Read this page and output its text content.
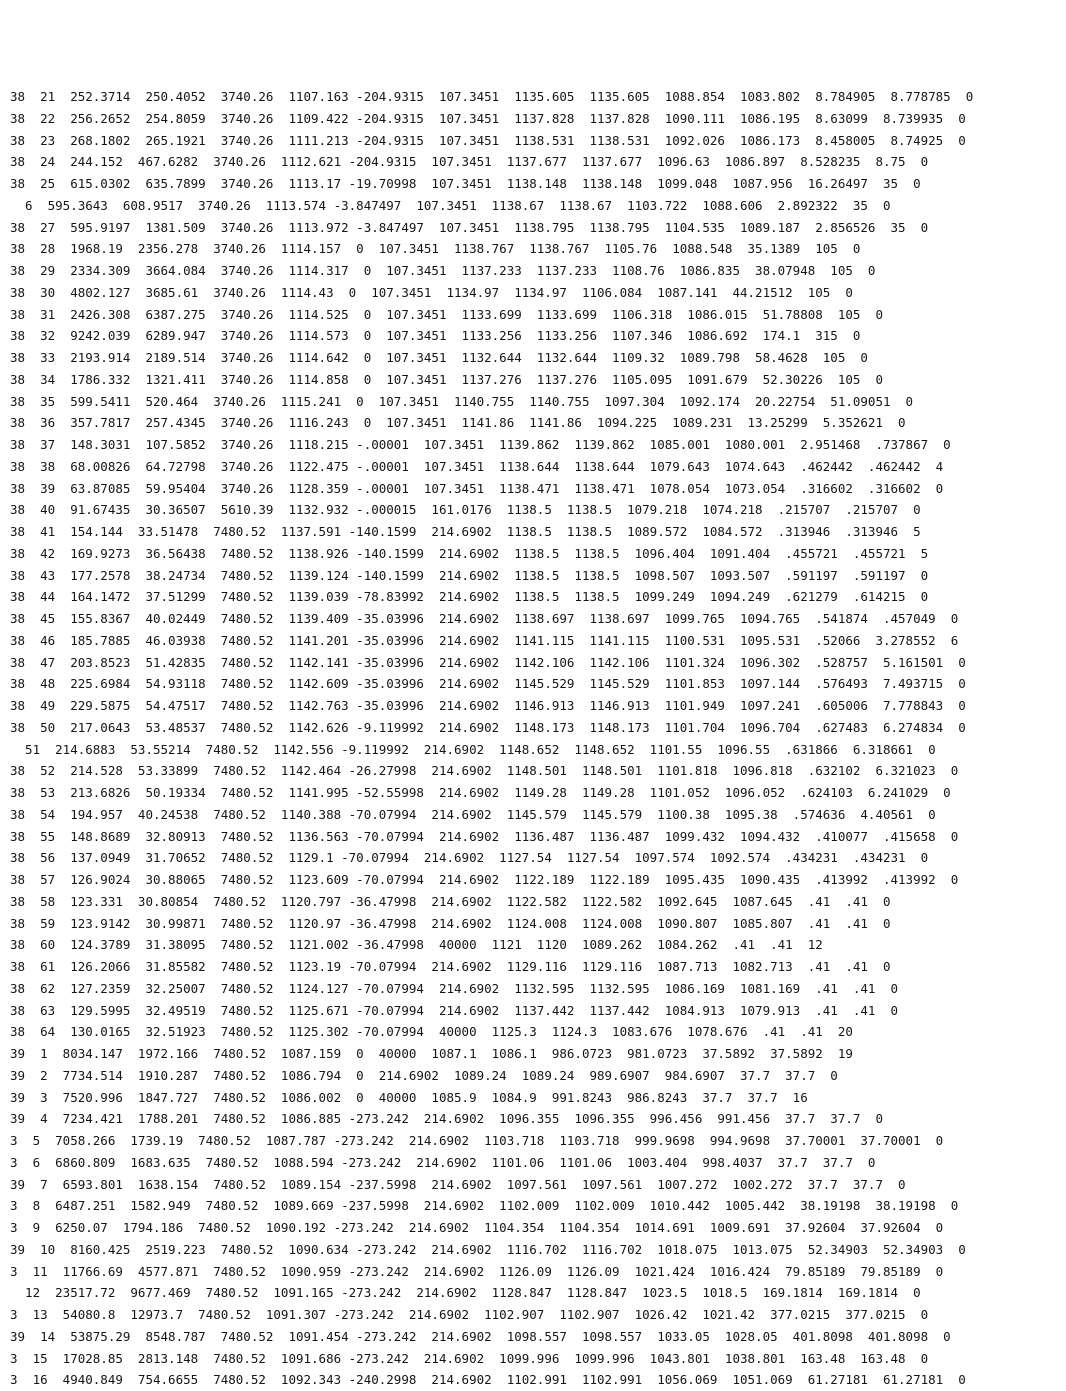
38  21  252.3714  250.4052  3740.26  1107.163 -204.9315  107.3451  1135.605  1135.605  1088.854  1083.802  8.784905  8.778785  0
38  22  256.2652  254.8059  3740.26  1109.422 -204.9315  107.3451  1137.828  1137.828  1090.111  1086.195  8.63099  8.739935  0
38  23  268.1802  265.1921  3740.26  1111.213 -204.9315  107.3451  1138.531  1138.531  1092.026  1086.173  8.458005  8.74925  0
38  24  244.152  467.6282  3740.26  1112.621 -204.9315  107.3451  1137.677  1137.677  1096.63  1086.897  8.528235  8.75  0
38  25  615.0302  635.7899  3740.26  1113.17 -19.70998  107.3451  1138.148  1138.148  1099.048  1087.956  16.26497  35  0
6  595.3643  608.9517  3740.26  1113.574 -3.847497  107.3451  1138.67  1138.67  1103.722  1088.606  2.892322  35  0
38  27  595.9197  1381.509  3740.26  1113.972 -3.847497  107.3451  1138.795  1138.795  1104.535  1089.187  2.856526  35  0
38  28  1968.19  2356.278  3740.26  1114.157  0  107.3451  1138.767  1138.767  1105.76  1088.548  35.1389  105  0
38  29  2334.309  3664.084  3740.26  1114.317  0  107.3451  1137.233  1137.233  1108.76  1086.835  38.07948  105  0
38  30  4802.127  3685.61  3740.26  1114.43  0  107.3451  1134.97  1134.97  1106.084  1087.141  44.21512  105  0
38  31  2426.308  6387.275  3740.26  1114.525  0  107.3451  1133.699  1133.699  1106.318  1086.015  51.78808  105  0
38  32  9242.039  6289.947  3740.26  1114.573  0  107.3451  1133.256  1133.256  1107.346  1086.692  174.1  315  0
38  33  2193.914  2189.514  3740.26  1114.642  0  107.3451  1132.644  1132.644  1109.32  1089.798  58.4628  105  0
38  34  1786.332  1321.411  3740.26  1114.858  0  107.3451  1137.276  1137.276  1105.095  1091.679  52.30226  105  0
38  35  599.5411  520.464  3740.26  1115.241  0  107.3451  1140.755  1140.755  1097.304  1092.174  20.22754  51.09051  0
38  36  357.7817  257.4345  3740.26  1116.243  0  107.3451  1141.86  1141.86  1094.225  1089.231  13.25299  5.352621  0
38  37  148.3031  107.5852  3740.26  1118.215 -.00001  107.3451  1139.862  1139.862  1085.001  1080.001  2.951468  .737867  0
38  38  68.00826  64.72798  3740.26  1122.475 -.00001  107.3451  1138.644  1138.644  1079.643  1074.643  .462442  .462442  4
38  39  63.87085  59.95404  3740.26  1128.359 -.00001  107.3451  1138.471  1138.471  1078.054  1073.054  .316602  .316602  0
38  40  91.67435  30.36507  5610.39  1132.932 -.000015  161.0176  1138.5  1138.5  1079.218  1074.218  .215707  .215707  0
38  41  154.144  33.51478  7480.52  1137.591 -140.1599  214.6902  1138.5  1138.5  1089.572  1084.572  .313946  .313946  5
38  42  169.9273  36.56438  7480.52  1138.926 -140.1599  214.6902  1138.5  1138.5  1096.404  1091.404  .455721  .455721  5
38  43  177.2578  38.24734  7480.52  1139.124 -140.1599  214.6902  1138.5  1138.5  1098.507  1093.507  .591197  .591197  0
38  44  164.1472  37.51299  7480.52  1139.039 -78.83992  214.6902  1138.5  1138.5  1099.249  1094.249  .621279  .614215  0
38  45  155.8367  40.02449  7480.52  1139.409 -35.03996  214.6902  1138.697  1138.697  1099.765  1094.765  .541874  .457049  0
38  46  185.7885  46.03938  7480.52  1141.201 -35.03996  214.6902  1141.115  1141.115  1100.531  1095.531  .52066  3.278552  6
38  47  203.8523  51.42835  7480.52  1142.141 -35.03996  214.6902  1142.106  1142.106  1101.324  1096.302  .528757  5.161501  0
38  48  225.6984  54.93118  7480.52  1142.609 -35.03996  214.6902  1145.529  1145.529  1101.853  1097.144  .576493  7.493715  0
38  49  229.5875  54.47517  7480.52  1142.763 -35.03996  214.6902  1146.913  1146.913  1101.949  1097.241  .605006  7.778843  0
38  50  217.0643  53.48537  7480.52  1142.626 -9.119992  214.6902  1148.173  1148.173  1101.704  1096.704  .627483  6.274834  0
51  214.6883  53.55214  7480.52  1142.556 -9.119992  214.6902  1148.652  1148.652  1101.55  1096.55  .631866  6.318661  0
38  52  214.528  53.33899  7480.52  1142.464 -26.27998  214.6902  1148.501  1148.501  1101.818  1096.818  .632102  6.321023  0
38  53  213.6826  50.19334  7480.52  1141.995 -52.55998  214.6902  1149.28  1149.28  1101.052  1096.052  .624103  6.241029  0
38  54  194.957  40.24538  7480.52  1140.388 -70.07994  214.6902  1145.579  1145.579  1100.38  1095.38  .574636  4.40561  0
38  55  148.8689  32.80913  7480.52  1136.563 -70.07994  214.6902  1136.487  1136.487  1099.432  1094.432  .410077  .415658  0
38  56  137.0949  31.70652  7480.52  1129.1 -70.07994  214.6902  1127.54  1127.54  1097.574  1092.574  .434231  .434231  0
38  57  126.9024  30.88065  7480.52  1123.609 -70.07994  214.6902  1122.189  1122.189  1095.435  1090.435  .413992  .413992  0
38  58  123.331  30.80854  7480.52  1120.797 -36.47998  214.6902  1122.582  1122.582  1092.645  1087.645  .41  .41  0
38  59  123.9142  30.99871  7480.52  1120.97 -36.47998  214.6902  1124.008  1124.008  1090.807  1085.807  .41  .41  0
38  60  124.3789  31.38095  7480.52  1121.002 -36.47998  40000  1121  1120  1089.262  1084.262  .41  .41  12
38  61  126.2066  31.85582  7480.52  1123.19 -70.07994  214.6902  1129.116  1129.116  1087.713  1082.713  .41  .41  0
38  62  127.2359  32.25007  7480.52  1124.127 -70.07994  214.6902  1132.595  1132.595  1086.169  1081.169  .41  .41  0
38  63  129.5995  32.49519  7480.52  1125.671 -70.07994  214.6902  1137.442  1137.442  1084.913  1079.913  .41  .41  0
38  64  130.0165  32.51923  7480.52  1125.302 -70.07994  40000  1125.3  1124.3  1083.676  1078.676  .41  .41  20
39  1  8034.147  1972.166  7480.52  1087.159  0  40000  1087.1  1086.1  986.0723  981.0723  37.5892  37.5892  19
39  2  7734.514  1910.287  7480.52  1086.794  0  214.6902  1089.24  1089.24  989.6907  984.6907  37.7  37.7  0
39  3  7520.996  1847.727  7480.52  1086.002  0  40000  1085.9  1084.9  991.8243  986.8243  37.7  37.7  16
39  4  7234.421  1788.201  7480.52  1086.885 -273.242  214.6902  1096.355  1096.355  996.456  991.456  37.7  37.7  0
3  5  7058.266  1739.19  7480.52  1087.787 -273.242  214.6902  1103.718  1103.718  999.9698  994.9698  37.70001  37.70001  0
3  6  6860.809  1683.635  7480.52  1088.594 -273.242  214.6902  1101.06  1101.06  1003.404  998.4037  37.7  37.7  0
39  7  6593.801  1638.154  7480.52  1089.154 -237.5998  214.6902  1097.561  1097.561  1007.272  1002.272  37.7  37.7  0
3  8  6487.251  1582.949  7480.52  1089.669 -237.5998  214.6902  1102.009  1102.009  1010.442  1005.442  38.19198  38.19198  0
3  9  6250.07  1794.186  7480.52  1090.192 -273.242  214.6902  1104.354  1104.354  1014.691  1009.691  37.92604  37.92604  0
39  10  8160.425  2519.223  7480.52  1090.634 -273.242  214.6902  1116.702  1116.702  1018.075  1013.075  52.34903  52.34903  0
3  11  11766.69  4577.871  7480.52  1090.959 -273.242  214.6902  1126.09  1126.09  1021.424  1016.424  79.85189  79.85189  0
12  23517.72  9677.469  7480.52  1091.165 -273.242  214.6902  1128.847  1128.847  1023.5  1018.5  169.1814  169.1814  0
3  13  54080.8  12973.7  7480.52  1091.307 -273.242  214.6902  1102.907  1102.907  1026.42  1021.42  377.0215  377.0215  0
39  14  53875.29  8548.787  7480.52  1091.454 -273.242  214.6902  1098.557  1098.557  1033.05  1028.05  401.8098  401.8098  0
3  15  17028.85  2813.148  7480.52  1091.686 -273.242  214.6902  1099.996  1099.996  1043.801  1038.801  163.48  163.48  0
3  16  4940.849  754.6655  7480.52  1092.343 -240.2998  214.6902  1102.991  1102.991  1056.069  1051.069  61.27181  61.27181  0
